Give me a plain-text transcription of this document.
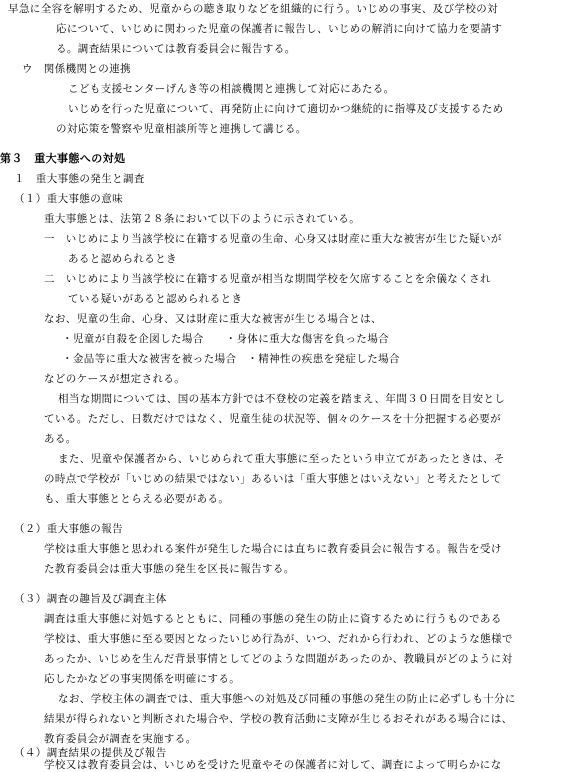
早急に全容を解明するため、児童からの聴き取りなどを組織的に行う。いじめの事実、及び学校の対
応について、いじめに関わった児童の保護者に報告し、いじめの解消に向けて協力を要請す
る。調査結果については教育委員会に報告する。
ウ　関係機関との連携
こども支援センターげんき等の相談機関と連携して対応にあたる。
いじめを行った児童について、再発防止に向けて適切かつ継続的に指導及び支援するため
の対応策を警察や児童相談所等と連携して講じる。
第３　重大事態への対処
１　重大事態の発生と調査
（１）重大事態の意味
重大事態とは、法第２８条において以下のように示されている。
一　いじめにより当該学校に在籍する児童の生命、心身又は財産に重大な被害が生じた疑いが
あると認められるとき
二　いじめにより当該学校に在籍する児童が相当な期間学校を欠席することを余儀なくされ
ている疑いがあると認められるとき
なお、児童の生命、心身、又は財産に重大な被害が生じる場合とは、
・児童が自殺を企図した場合　　・身体に重大な傷害を負った場合
・金品等に重大な被害を被った場合　・精神性の疾患を発症した場合
などのケースが想定される。
相当な期間については、国の基本方針では不登校の定義を踏まえ、年間３０日間を目安とし
ている。ただし、日数だけではなく、児童生徒の状況等、個々のケースを十分把握する必要が
ある。
また、児童や保護者から、いじめられて重大事態に至ったという申立てがあったときは、そ
の時点で学校が「いじめの結果ではない」あるいは「重大事態とはいえない」と考えたとして
も、重大事態ととらえる必要がある。
（２）重大事態の報告
学校は重大事態と思われる案件が発生した場合には直ちに教育委員会に報告する。報告を受け
た教育委員会は重大事態の発生を区長に報告する。
（３）調査の趣旨及び調査主体
調査は重大事態に対処するとともに、同種の事態の発生の防止に資するために行うものである
学校は、重大事態に至る要因となったいじめ行為が、いつ、だれから行われ、どのような態様で
あったか、いじめを生んだ背景事情としてどのような問題があったのか、教職員がどのように対
応したかなどの事実関係を明確にする。
なお、学校主体の調査では、重大事態への対処及び同種の事態の発生の防止に必ずしも十分に
結果が得られないと判断された場合や、学校の教育活動に支障が生じるおそれがある場合には、
教育委員会が調査を実施する。
（４）調査結果の提供及び報告
学校又は教育委員会は、いじめを受けた児童やその保護者に対して、調査によって明らかにな
